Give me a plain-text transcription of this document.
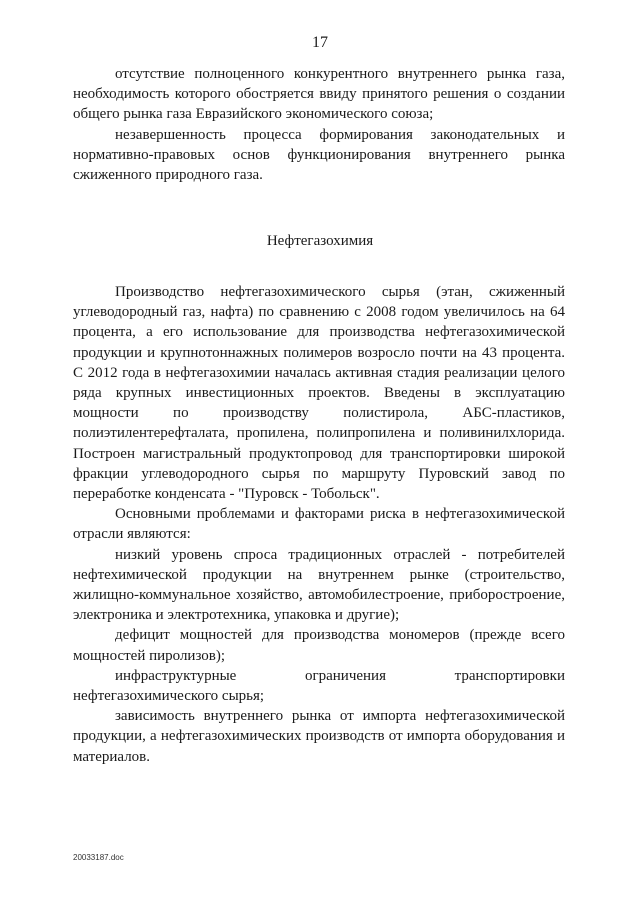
17

отсутствие полноценного конкурентного внутреннего рынка газа, необходимость которого обостряется ввиду принятого решения о создании общего рынка газа Евразийского экономического союза;

незавершенность процесса формирования законодательных и нормативно-правовых основ функционирования внутреннего рынка сжиженного природного газа.

Нефтегазохимия

Производство нефтегазохимического сырья (этан, сжиженный углеводородный газ, нафта) по сравнению с 2008 годом увеличилось на 64 процента, а его использование для производства нефтегазохимической продукции и крупнотоннажных полимеров возросло почти на 43 процента. С 2012 года в нефтегазохимии началась активная стадия реализации целого ряда крупных инвестиционных проектов. Введены в эксплуатацию мощности по производству полистирола, АБС-пластиков, полиэтилентерефталата, пропилена, полипропилена и поливинилхлорида. Построен магистральный продуктопровод для транспортировки широкой фракции углеводородного сырья по маршруту Пуровский завод по переработке конденсата - "Пуровск - Тобольск".

Основными проблемами и факторами риска в нефтегазохимической отрасли являются:

низкий уровень спроса традиционных отраслей - потребителей нефтехимической продукции на внутреннем рынке (строительство, жилищно-коммунальное хозяйство, автомобилестроение, приборостроение, электроника и электротехника, упаковка и другие);

дефицит мощностей для производства мономеров (прежде всего мощностей пиролизов);

инфраструктурные ограничения транспортировки нефтегазохимического сырья;

зависимость внутреннего рынка от импорта нефтегазохимической продукции, а нефтегазохимических производств от импорта оборудования и материалов.

20033187.doc
